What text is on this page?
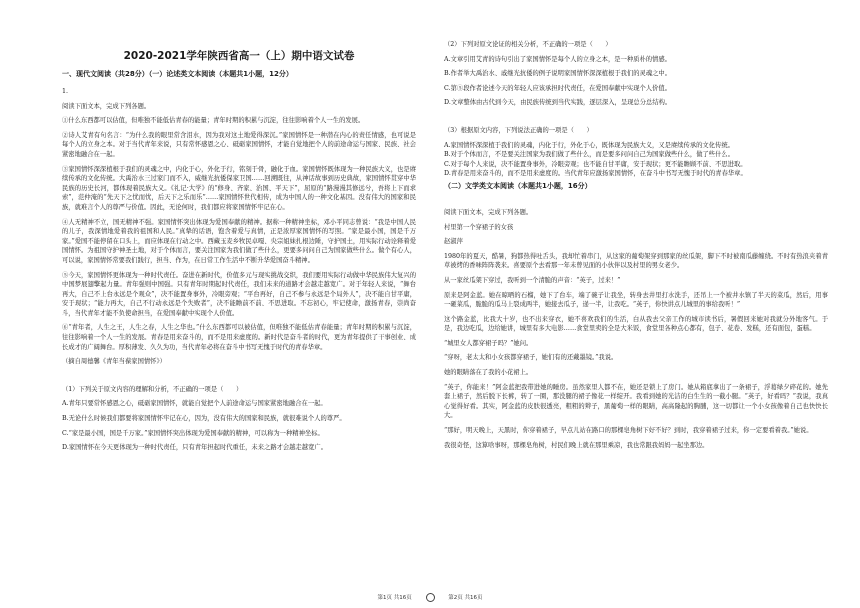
2020-2021学年陕西省高一（上）期中语文试卷
一、现代文阅读（共28分）（一）论述类文本阅读（本题共1小题，12分）

1.

阅读下面文本，完成下列各题。

①什么东西都可以估值，但唯独不能低估青春的能量；青年时期的积累与沉淀，往往影响着个人一生的发展。

②诗人艾青有句名言：“为什么我的眼里常含泪水，因为我对这土地爱得深沉。”家国情怀是一种潜在内心的责任情感，也可说是每个人的立身之本。对于当代青年来说，只有常怀感恩之心、砥砺家国情怀，才能自觉地把个人的前途命运与国家、民族、社会紧密地融合在一起。

③家国情怀深深植根于我们的灵魂之中，内化于心，外化于行，铭刻于骨，融化于血。家国情怀既体现为一种民族大义，也是赓续传承的文化传统。大禹治水三过家门而不入，威继光抗倭保家卫国……回溯既往，从神话故事到历史典故，家国情怀贯穿中华民族的历史长河，都体现着民族大义。《礼记·大学》的“修身、齐家、治国、平天下”，屈原的“路漫漫其修远兮，吾将上下而求索”，范仲淹的“先天下之忧而忧，后天下之乐而乐”……家国情怀世代相传，成为中国人的一种文化基因。没有伟大的国家和民族，就难言个人的尊严与价值。因此，无论何时，我们都应将家国情怀牢记在心。

④人无精神不立，国无精神不强。家国情怀突出体现为爱国奉献的精神。据称一种精神坐标，邓小平同志曾说：“我是中国人民的儿子，我深情地爱着我的祖国和人民。”真挚的话语，饱含着爱与真情，正是浓厚家国情怀的写照。“家是最小国，国是千万家。”爱国不能停留在口头上，而应体现在行动之中。西藏玉麦乡牧民卓嘎、央宗姐妹扎根边陲，守护国土，用实际行动诠释着爱国情怀。为祖国守护神圣土地，对于个体而言，要关注国家为我们做了些什么，更要多问问自己为国家做些什么。做个有心人，可以说，家国情怀常要我们践行，担当、作为，在日常工作生活中不断升华爱国奋斗精神。

⑤今天，家国情怀更体现为一种时代责任。奋进在新时代，价值多元与现实挑战交织，我们要用实际行动做中华民族伟大复兴的中国梦展翅擎起力量。青年强则中国强。只有青年时期起时代责任，我们未来的道路才会越走越宽广。对于年轻人来说，“舞台再大，自己不上台永远是个观众”，决不能置身事外，冷眼旁观；“平台再好，自己不参与永远是个局外人”，决不能自甘平庸，安于现状；“能力再大，自己不行动永远是个失败者”，决不能瞻前不前、不思进取。不忘初心，牢记使命，激扬青春，崇尚奋斗，当代青年才能不负使命担当，在爱国奉献中实现个人价值。

⑥“青年者，人生之王，人生之春，人生之华也。”什么东西都可以被估值，但唯独不能低估青春能量；青年时期的积累与沉淀，往往影响着一个人一生的发展。青春是用来奋斗的，而不是用来虚度的。新时代是奋斗者的时代，更为青年提供了干事创业、成长成才的广阔舞台。厚积薄发、久久为功，当代青年必将在奋斗中书写无愧于时代的青春华章。

（摘自周德馨《青年当葆家国情怀》）

（1）下列关于原文内容的理解和分析，不正确的一项是（　　）

A.青年只要常怀感恩之心，砥砺家国情怀，就能自觉把个人前途命运与国家紧密地融合在一起。

B.无论什么时候我们都要将家国情怀牢记在心，因为，没有伟大的国家和民族，就很难说个人的尊严。

C.“家是最小国，国是千万家。”家国情怀突出体现为爱国奉献的精神，可以称为一种精神坐标。

D.家国情怀在今天更体现为一种时代责任，只有青年担起时代重任，未来之路才会越走越宽广。

（2）下列对原文论证的相关分析，不正确的一项是（　　）

A.文章引用艾青的诗句引出了家国情怀是每个人的立身之本，是一种质朴的情感。

B.作者举大禹治水、戚继光抗倭的例子说明家国情怀深深植根于我们的灵魂之中。

C.第⑤段作者论述今天的年轻人应该承担时代责任，在爱国奉献中实现个人价值。

D.文章整体由古代到今天，由民族传统到当代实践，逐层深入，呈现总分总结构。

（3）根据原文内容，下列说法正确的一项是（　　）

A.家国情怀深深植于我们的灵魂，内化于行，外化于心，既体现为民族大义，又是赓续传承的文化传统。

B.对于个体而言，不是要关注国家为我们做了些什么，而是要多问问自己为国家做些什么，做了些什么。

C.对于每个人来说，决不能置身事外，冷眼旁观；也不能自甘平庸，安于现状；更不能瞻顾不前、不思进取。

D.青春是用来奋斗的，而不是用来虚度的。当代青年应激扬家国情怀，在奋斗中书写无愧于时代的青春华章。

（二）文学类文本阅读（本题共1小题，16分）

阅读下面文本，完成下列各题。

村里第一个穿裙子的女孩

赵淑萍

1980年的夏天，酷暑，狗都热得吐舌头，我却忙着串门，从这家的葡萄架穿到那家的丝瓜架，脚下不时被南瓜藤缠绕。不时有热浪夹着青草被烤的香味阵阵袭来。喜要原个去看那一年未曾见面的小伙伴以及村里的男女老少。

从一家丝瓜架下穿过，我听到一个清脆的声音：“英子，过来！”

原来是阿金蓝。她在晾晒的石榴，她下了台车，端了碗子让我坐，转身去井里打水洗手，还吊上一个被井水镇了半天的菜瓜，然后，用事一砸菜瓜，脆脆的瓜马上裂成两半，她接去瓜子，递一半，让我吃。“英子，你快讲点儿城里的事给我听！”

这个路金蓝，比我大十岁，也不出来穿衣，她不喜欢我们的生活，白从我去父亲工作的城市读书后，暑假回来她对我就分外地客气。于是，我边吃瓜，边给她讲，城里有多大电影……食堂里卖的全是大米饭，食堂里各种点心都有，包子、花卷、发糕，还有面包，蛋糕。

“城里女人都穿裙子吗？”她问。

“穿呀，老太太和小女孩都穿裙子，她们有的还戴墨镜。”我说。

她的眼睛落在了我的小花裙上。

“英子，你能来！”阿金蓝把我带进她的睡房。虽然家里人都不在，她还是锁上了房门。她从箱底拿出了一条裙子，浮葛绿夕碎花的。她先套上裙子，然后脱下长裤，转了一圈，那没腿的裙子像花一样绽开。我看到她的光洁的白生生的一截小腿。“英子，好看吗？”我说，我真心觉得好看。其实，阿金蓝的皮肤很透亮，粗粗的辫子，黑葡萄一样的眼睛，高高隆起的胸脯，这一切都让一个小女孩像着自己也快快长大。

“那好，明天晚上，天黑时，你穿着裙子，早点儿站在路口的那棵皂角树下好不好？到时，我穿着裙子过来，你一定要看着我。”她说。

我很奇怪，这算啥事呀，那棵皂角树，村民们晚上就在那里乘凉，我也常跟我妈妈一起坐那边。

第1页 共16页	第2页 共16页
